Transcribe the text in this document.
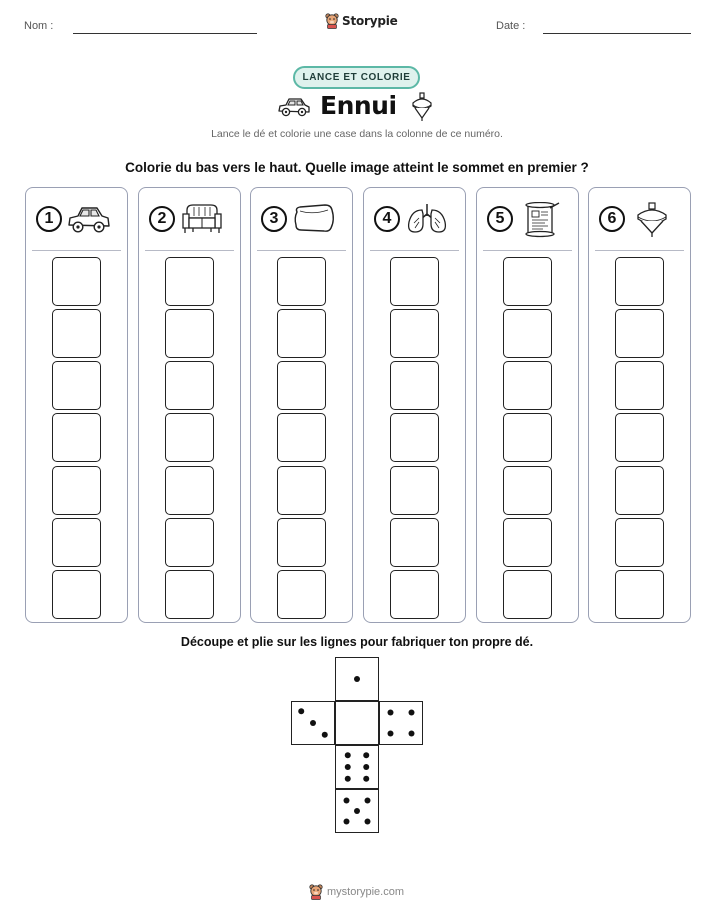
Nom :	Storypie	Date :
LANCE ET COLORIE
Ennui
Lance le dé et colorie une case dans la colonne de ce numéro.
Colorie du bas vers le haut. Quelle image atteint le sommet en premier ?
1	2	3	4	5	6
Découpe et plie sur les lignes pour fabriquer ton propre dé.
mystorypie.com
